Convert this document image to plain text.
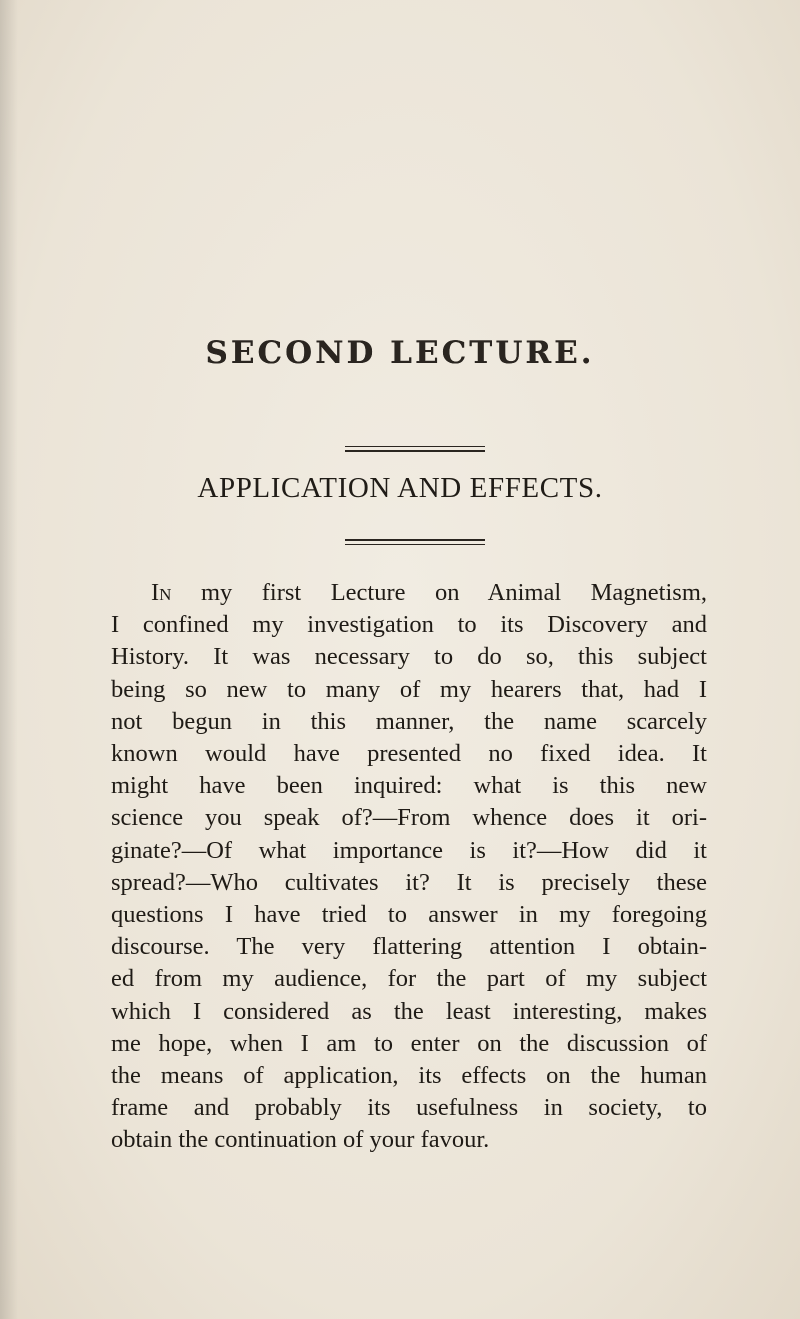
SECOND LECTURE.
APPLICATION AND EFFECTS.
In my first Lecture on Animal Magnetism,
I confined my investigation to its Discovery and
History. It was necessary to do so, this subject
being so new to many of my hearers that, had I
not begun in this manner, the name scarcely
known would have presented no fixed idea. It
might have been inquired: what is this new
science you speak of?—From whence does it ori-
ginate?—Of what importance is it?—How did it
spread?—Who cultivates it? It is precisely these
questions I have tried to answer in my foregoing
discourse. The very flattering attention I obtain-
ed from my audience, for the part of my subject
which I considered as the least interesting, makes
me hope, when I am to enter on the discussion of
the means of application, its effects on the human
frame and probably its usefulness in society, to
obtain the continuation of your favour.
